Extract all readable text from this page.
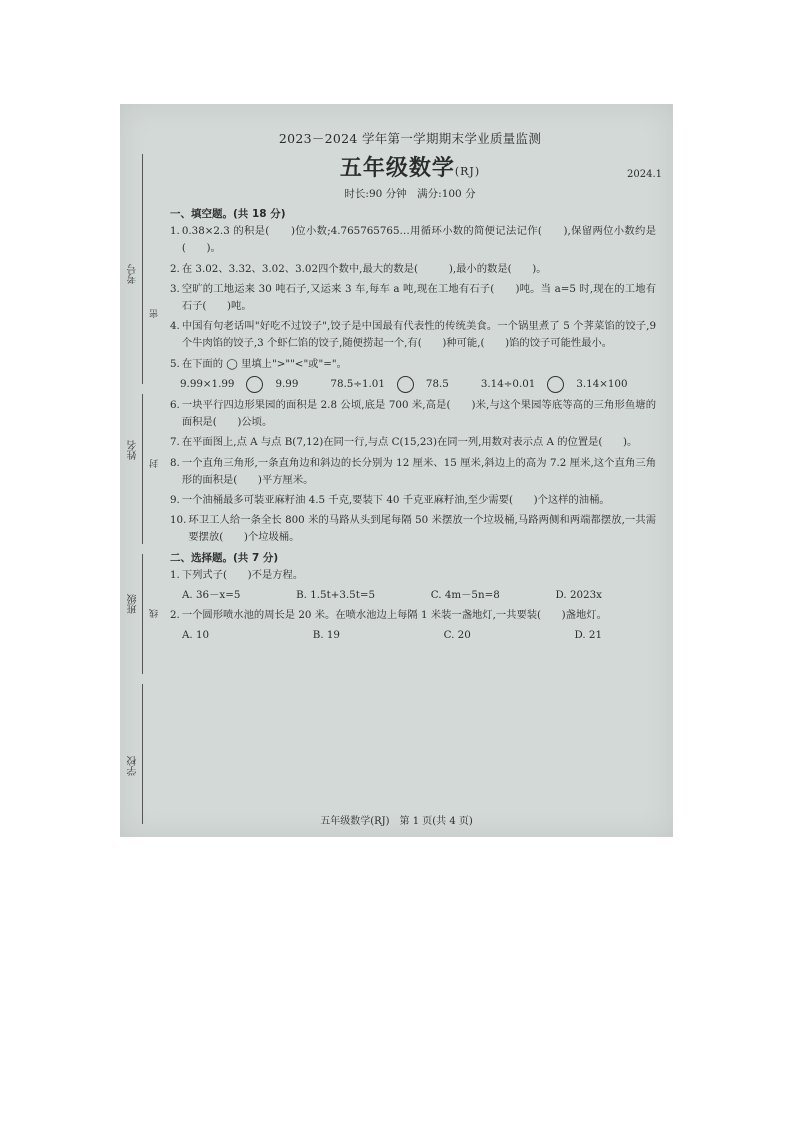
考号
密
姓名
封
班级 线
学校
2023－2024 学年第一学期期末学业质量监测
五年级数学(RJ)	2024.1
时长:90 分钟　满分:100 分

一、填空题。(共 18 分)

1. 0.38×2.3 的积是(　　)位小数;4.765765765…用循环小数的简便记法记作(　　),保留两位小数约是(　　)。
2. 在 3.02、3.32、3.02、3.02四个数中,最大的数是(　　　),最小的数是(　　)。
3. 空旷的工地运来 30 吨石子,又运来 3 车,每车 a 吨,现在工地有石子(　　)吨。当 a=5 时,现在的工地有石子(　　)吨。
4. 中国有句老话叫"好吃不过饺子",饺子是中国最有代表性的传统美食。一个锅里煮了 5 个荠菜馅的饺子,9 个牛肉馅的饺子,3 个虾仁馅的饺子,随便捞起一个,有(　　)种可能,(　　)馅的饺子可能性最小。
5. 在下面的 ◯ 里填上">""<"或"="。
9.99×1.99	9.99	78.5÷1.01	78.5	3.14÷0.01	3.14×100
6. 一块平行四边形果园的面积是 2.8 公顷,底是 700 米,高是(　　)米,与这个果园等底等高的三角形鱼塘的面积是(　　)公顷。
7. 在平面图上,点 A 与点 B(7,12)在同一行,与点 C(15,23)在同一列,用数对表示点 A 的位置是(　　)。
8. 一个直角三角形,一条直角边和斜边的长分别为 12 厘米、15 厘米,斜边上的高为 7.2 厘米,这个直角三角形的面积是(　　)平方厘米。
9. 一个油桶最多可装亚麻籽油 4.5 千克,要装下 40 千克亚麻籽油,至少需要(　　)个这样的油桶。
10. 环卫工人给一条全长 800 米的马路从头到尾每隔 50 米摆放一个垃圾桶,马路两侧和两端都摆放,一共需要摆放(　　)个垃圾桶。

二、选择题。(共 7 分)

1. 下列式子(　　)不是方程。
A. 36－x=5	B. 1.5t+3.5t=5	C. 4m－5n=8	D. 2023x
2. 一个圆形喷水池的周长是 20 米。在喷水池边上每隔 1 米装一盏地灯,一共要装(　　)盏地灯。
A. 10	B. 19	C. 20	D. 21
五年级数学(RJ)　第 1 页(共 4 页)
